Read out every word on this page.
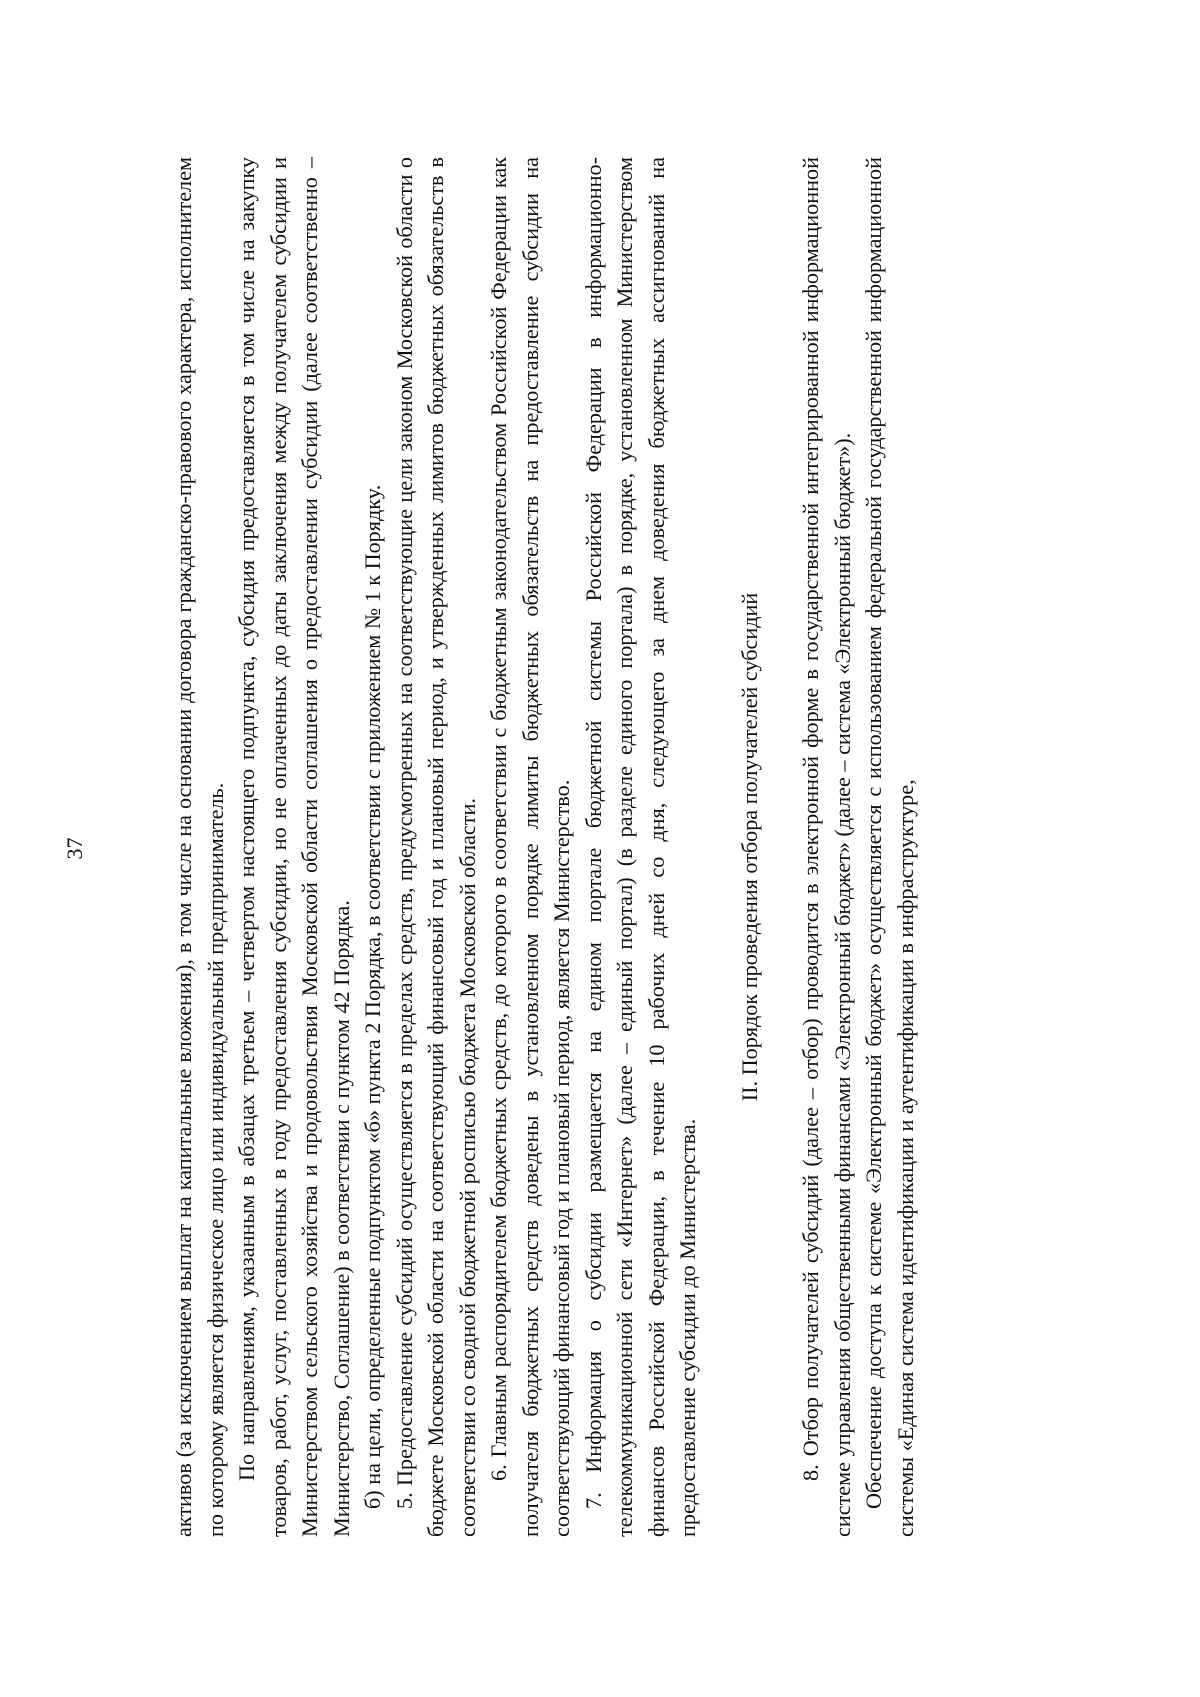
37	активов (за исключением выплат на капитальные вложения), в том числе на основании договора гражданско-правового характера, исполнителем по которому является физическое лицо или индивидуальный предприниматель. По направлениям, указанным в абзацах третьем – четвертом настоящего подпункта, субсидия предоставляется в том числе на закупку товаров, работ, услуг, поставленных в году предоставления субсидии, но не оплаченных до даты заключения между получателем субсидии и Министерством сельского хозяйства и продовольствия Московской области соглашения о предоставлении субсидии (далее соответственно – Министерство, Соглашение) в соответствии с пунктом 42 Порядка. б) на цели, определенные подпунктом «б» пункта 2 Порядка, в соответствии с приложением № 1 к Порядку. 5. Предоставление субсидий осуществляется в пределах средств, предусмотренных на соответствующие цели законом Московской области о бюджете Московской области на соответствующий финансовый год и плановый период, и утвержденных лимитов бюджетных обязательств в соответствии со сводной бюджетной росписью бюджета Московской области. 6. Главным распорядителем бюджетных средств, до которого в соответствии с бюджетным законодательством Российской Федерации как получателя бюджетных средств доведены в установленном порядке лимиты бюджетных обязательств на предоставление субсидии на соответствующий финансовый год и плановый период, является Министерство. 7. Информация о субсидии размещается на едином портале бюджетной системы Российской Федерации в информационно-телекоммуникационной сети «Интернет» (далее – единый портал) (в разделе единого портала) в порядке, установленном Министерством финансов Российской Федерации, в течение 10 рабочих дней со дня, следующего за днем доведения бюджетных ассигнований на предоставление субсидии до Министерства.

II. Порядок проведения отбора получателей субсидий 8. Отбор получателей субсидий (далее – отбор) проводится в электронной форме в государственной интегрированной информационной системе управления общественными финансами «Электронный бюджет» (далее – система «Электронный бюджет»). Обеспечение доступа к системе «Электронный бюджет» осуществляется с использованием федеральной государственной информационной системы «Единая система идентификации и аутентификации в инфраструктуре,
